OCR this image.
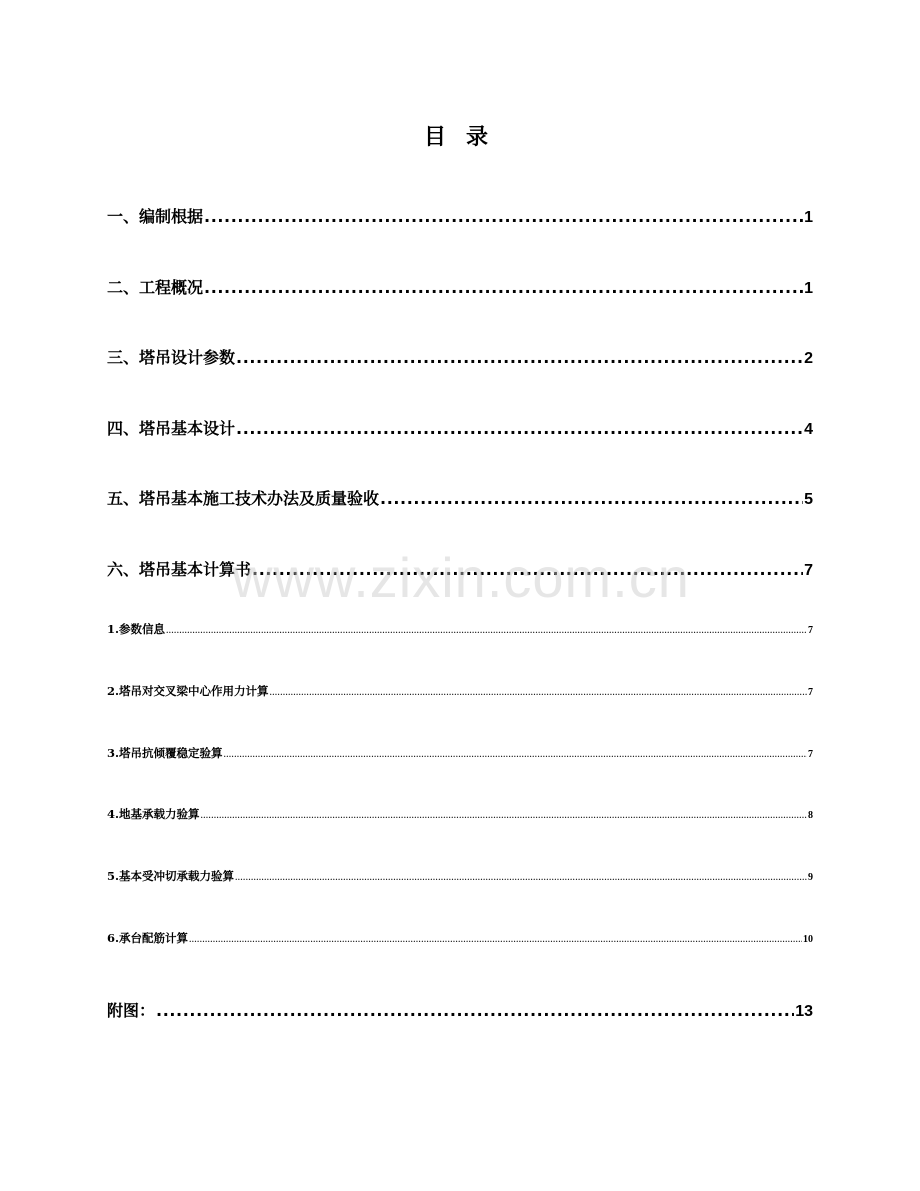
目录
一、编制根据 .....	1
二、工程概况 .....	1
三、塔吊设计参数 .....	2
四、塔吊基本设计 .....	4
五、塔吊基本施工技术办法及质量验收 .....	5
六、塔吊基本计算书 .....	7
1.参数信息 .....	7
2.塔吊对交叉梁中心作用力计算 .....	7
3.塔吊抗倾覆稳定验算 .....	7
4.地基承载力验算 .....	8
5.基本受冲切承载力验算 .....	9
6.承台配筋计算 .....	10
附图： .....	13
www.zixin.com.cn
